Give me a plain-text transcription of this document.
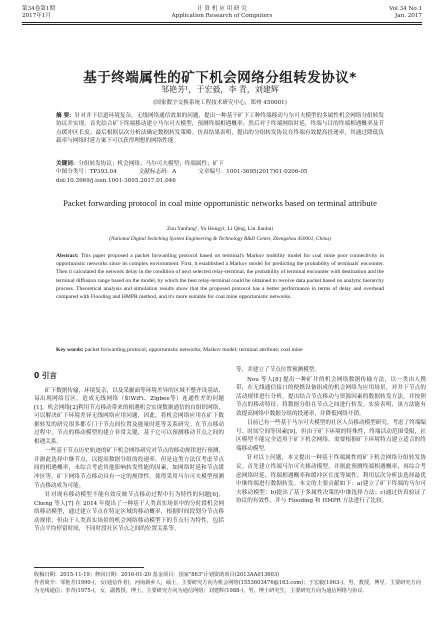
第34卷第1期
2017年1月
计 算 机 应 用 研 究
Application Research of Computers
Vol.34 No.1
Jan. 2017
基于终端属性的矿下机会网络分组转发协议*
邹艳芳¹，于宏毅，李 青，刘建辉
(国家数字交换系统工程技术研究中心，郑州 450001)
摘 要：针对井下信道环境复杂，无线网络通信效果的问题，提出一种基于矿下工种终端移动与尔可夫模型的多属性机会网络分组转发协议并实现。首先结合矿下终端移动建立马尔可夫模型，预测终端相遇概率；然后对于终端网络时延，终端与目的终端相遇概率及节点缓冲区长度；最后根据层次分析法确定数据转发策略。仿真结果表明，提出的分组转发协议在终端有效提高投递率，其通过降低负载率与网络时延方案下可以获得理想的网络性能。
关键词：分组转发协议；机会网络；马尔可夫模型；终端属性；矿下
中图分类号：TP393.04	文献标志码：A	文章编号：1001-3695(2017)01-0206-05
doi:10.3969/j.issn.1001-3695.2017.01.046
Packet forwarding protocol in coal mine opportunistic networks based on terminal attribute
Zou Yanfang¹, Yu Hongyi, Li Qing, Liu Jianhui
(National Digital Switching System Engineering & Technology R&D Center, Zhengzhou 450001, China)
Abstract: This paper proposed a packet forwarding protocol based on terminal's Markov mobility model for coal mine poor connectivity in opportunistic networks since its complex environment. First, it established a Markov model for predicting the probability of terminals' encounter. Then it calculated the network delay in the condition of next selected relay-terminal, the probability of terminal encounter with destination and the terminal diffusion range based on the model, by which the best relay-terminal could be obtained to receive data packet based on analytic hierarchy process. Theoretical analysis and simulation results show that the proposed protocol has a better performance in terms of delay and overhead compared with Flooding and HMPR method, and it's more suitable for coal mine opportunistic networks.
Key words: packet forwarding protocol; opportunistic networks; Markov model; terminal attribute; coal mine
0 引言

矿下数据传输，环境复杂，以及采掘面等环境差异的区域不整齐设基站，易出现网络盲区，造成无线网络（如WiFi、Zigbee等）连通性差的问题[1]。机会网络[2]利用节点移动带来的相遇机会实现数据通信的自组织网络，可以解决矿下环境差异无线网络应用问题，因此，将机会网络应用在矿下数据转发的研究很多都专门于节点间位置及能量时延等关系研究。在节点移动过程中，节点的移动模型的建立非常关键，基于它可以预测移动节点之间的相遇关系。

一些基于节点历史轨迹的矿下机会网络研究对节点的移动规律进行预测，并据此选择中继节点，以提高数据分组的投递率。但是这类方法仅考虑节点间的相遇概率，未综合考虑其他影响转发性能的因素，如网络时延和节点缓冲区等。矿下网络节点移动具有一定的规律性，使得采用马尔可夫模型预测节点移动成为可能。

针对现有移动模型不能有效反映节点移动过程中行为特性的问题[6]，Cheng 等人[7] 在 2014 年提出了一种基于人类真实场景中的分时段机会网络移动模型，通过建立节点在特定区域的移动概率，根据时间段划分节点移动规律，但由于人类真实场景的机会网络移动模型下的节点行为特性，包括节点平均停留时间，不同时段社区节点之间的位置关系等。

等，并建立了节点位置预测模型。

Nou 等人[8] 提出一种矿井的机会网络数据传输方法，以一类由人携带，在无线通信接口的便携设备组成的机会网络为应用场景，对井下节点的活动规律进行分析，提出结合节点移动与资源因素的数据转发方法，并按照节点的移动特征，将数据分组在节点之间进行转发。实验表明，该方法能有效提高网络中数据分组的投递率，并降低网络开销。

目前已有一些基于马尔可夫模型的社区人员移动模型研究。考虑了终端编号、时间空间等因素[9]，但由于矿下环境的特殊性，终端活动范围受限，社区模型不能完全适用于矿下机会网络，需要根据矿下环境特点建立适合的终端移动模型。

针对以上问题，本文提出一种基于终端属性的矿下机会网络分组转发协议。首先建立终端马尔可夫移动模型，并据此预测终端相遇概率，再综合考虑网络时延、终端相遇概率和缓冲区长度等属性，利用层次分析法选择最优中继终端进行数据转发。本文的主要贡献如下：a)建立了矿下终端的马尔可夫移动模型；b)提出了基于多属性决策的中继选择方法；c)通过仿真验证了协议的有效性，并与 Flooding 和 HMPR 方法进行了比较。

收稿日期：2015-11-19；修回日期：2016-01-20 基金项目：国家"863"计划资助项目(2013AA013603)

作者简介：邹艳芳(1990-)，女(通信作者)，河南新乡人，硕士，主要研究方向为机会网络(1553603476@163.com)；于宏毅(1963-)，男，教授，博导，主要研究方向为无线通信；李青(1975-)，女，副教授，博士，主要研究方向为通信网络；刘建辉(1988-)，男，博士研究生，主要研究方向为通信网络与协议.
